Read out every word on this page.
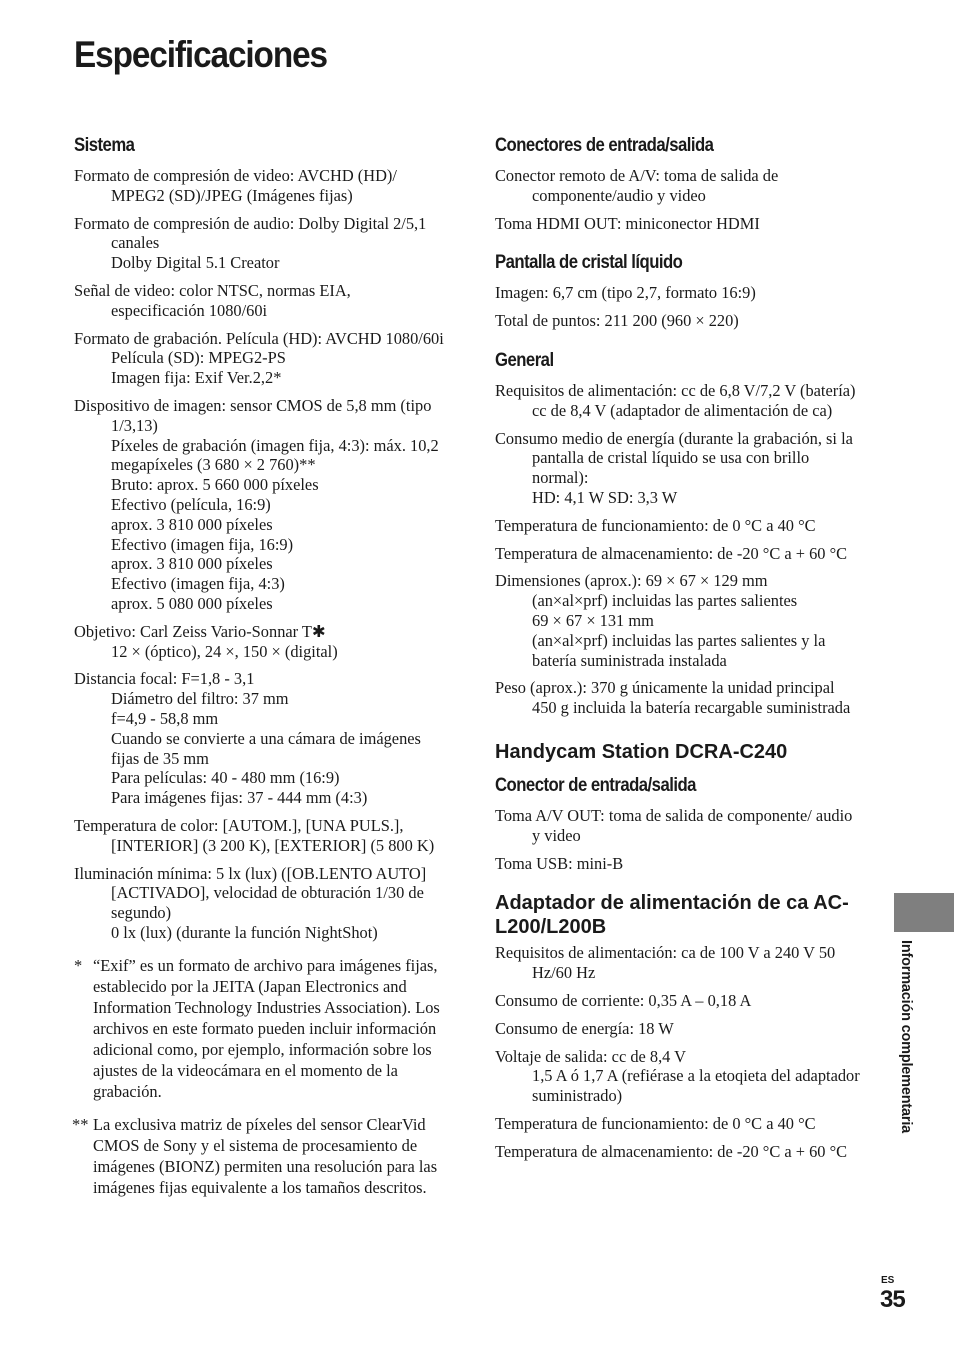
Especificaciones
Sistema
Formato de compresión de video: AVCHD (HD)/ MPEG2 (SD)/JPEG (Imágenes fijas)
Formato de compresión de audio: Dolby Digital 2/5,1 canales
Dolby Digital 5.1 Creator
Señal de video: color NTSC, normas EIA, especificación 1080/60i
Formato de grabación. Película (HD): AVCHD 1080/60i
Película (SD): MPEG2-PS
Imagen fija: Exif Ver.2,2*
Dispositivo de imagen: sensor CMOS de 5,8 mm (tipo 1/3,13)
Píxeles de grabación (imagen fija, 4:3): máx. 10,2 megapíxeles (3 680 × 2 760)**
Bruto: aprox. 5 660 000 píxeles
Efectivo (película, 16:9)
aprox. 3 810 000 píxeles
Efectivo (imagen fija, 16:9)
aprox. 3 810 000 píxeles
Efectivo (imagen fija, 4:3)
aprox. 5 080 000 píxeles
Objetivo: Carl Zeiss Vario-Sonnar T✱
12 × (óptico), 24 ×, 150 × (digital)
Distancia focal: F=1,8 - 3,1
Diámetro del filtro: 37 mm
f=4,9 - 58,8 mm
Cuando se convierte a una cámara de imágenes fijas de 35 mm
Para películas: 40 - 480 mm (16:9)
Para imágenes fijas: 37 - 444 mm (4:3)
Temperatura de color: [AUTOM.], [UNA PULS.], [INTERIOR] (3 200 K), [EXTERIOR] (5 800 K)
Iluminación mínima: 5 lx (lux) ([OB.LENTO AUTO] [ACTIVADO], velocidad de obturación 1/30 de segundo)
0 lx (lux) (durante la función NightShot)
* “Exif” es un formato de archivo para imágenes fijas, establecido por la JEITA (Japan Electronics and Information Technology Industries Association). Los archivos en este formato pueden incluir información adicional como, por ejemplo, información sobre los ajustes de la videocámara en el momento de la grabación.
** La exclusiva matriz de píxeles del sensor ClearVid CMOS de Sony y el sistema de procesamiento de imágenes (BIONZ) permiten una resolución para las imágenes fijas equivalente a los tamaños descritos.
Conectores de entrada/salida
Conector remoto de A/V: toma de salida de componente/audio y video
Toma HDMI OUT: miniconector HDMI
Pantalla de cristal líquido
Imagen: 6,7 cm (tipo 2,7, formato 16:9)
Total de puntos: 211 200 (960 × 220)
General
Requisitos de alimentación: cc de 6,8 V/7,2 V (batería)
cc de 8,4 V (adaptador de alimentación de ca)
Consumo medio de energía (durante la grabación, si la pantalla de cristal líquido se usa con brillo normal):
HD: 4,1 W SD: 3,3 W
Temperatura de funcionamiento: de 0 °C a 40 °C
Temperatura de almacenamiento: de -20 °C a + 60 °C
Dimensiones (aprox.): 69 × 67 × 129 mm
(an×al×prf) incluidas las partes salientes
69 × 67 × 131 mm
(an×al×prf) incluidas las partes salientes y la batería suministrada instalada
Peso (aprox.): 370 g únicamente la unidad principal
450 g incluida la batería recargable suministrada
Handycam Station DCRA-C240
Conector de entrada/salida
Toma A/V OUT: toma de salida de componente/ audio y video
Toma USB: mini-B
Adaptador de alimentación de ca AC-L200/L200B
Requisitos de alimentación: ca de 100 V a 240 V 50 Hz/60 Hz
Consumo de corriente: 0,35 A – 0,18 A
Consumo de energía: 18 W
Voltaje de salida: cc de 8,4 V
1,5 A ó 1,7 A (refiérase a la etoqieta del adaptador suministrado)
Temperatura de funcionamiento: de 0 °C a 40 °C
Temperatura de almacenamiento: de -20 °C a + 60 °C
Información complementaria
ES
35
